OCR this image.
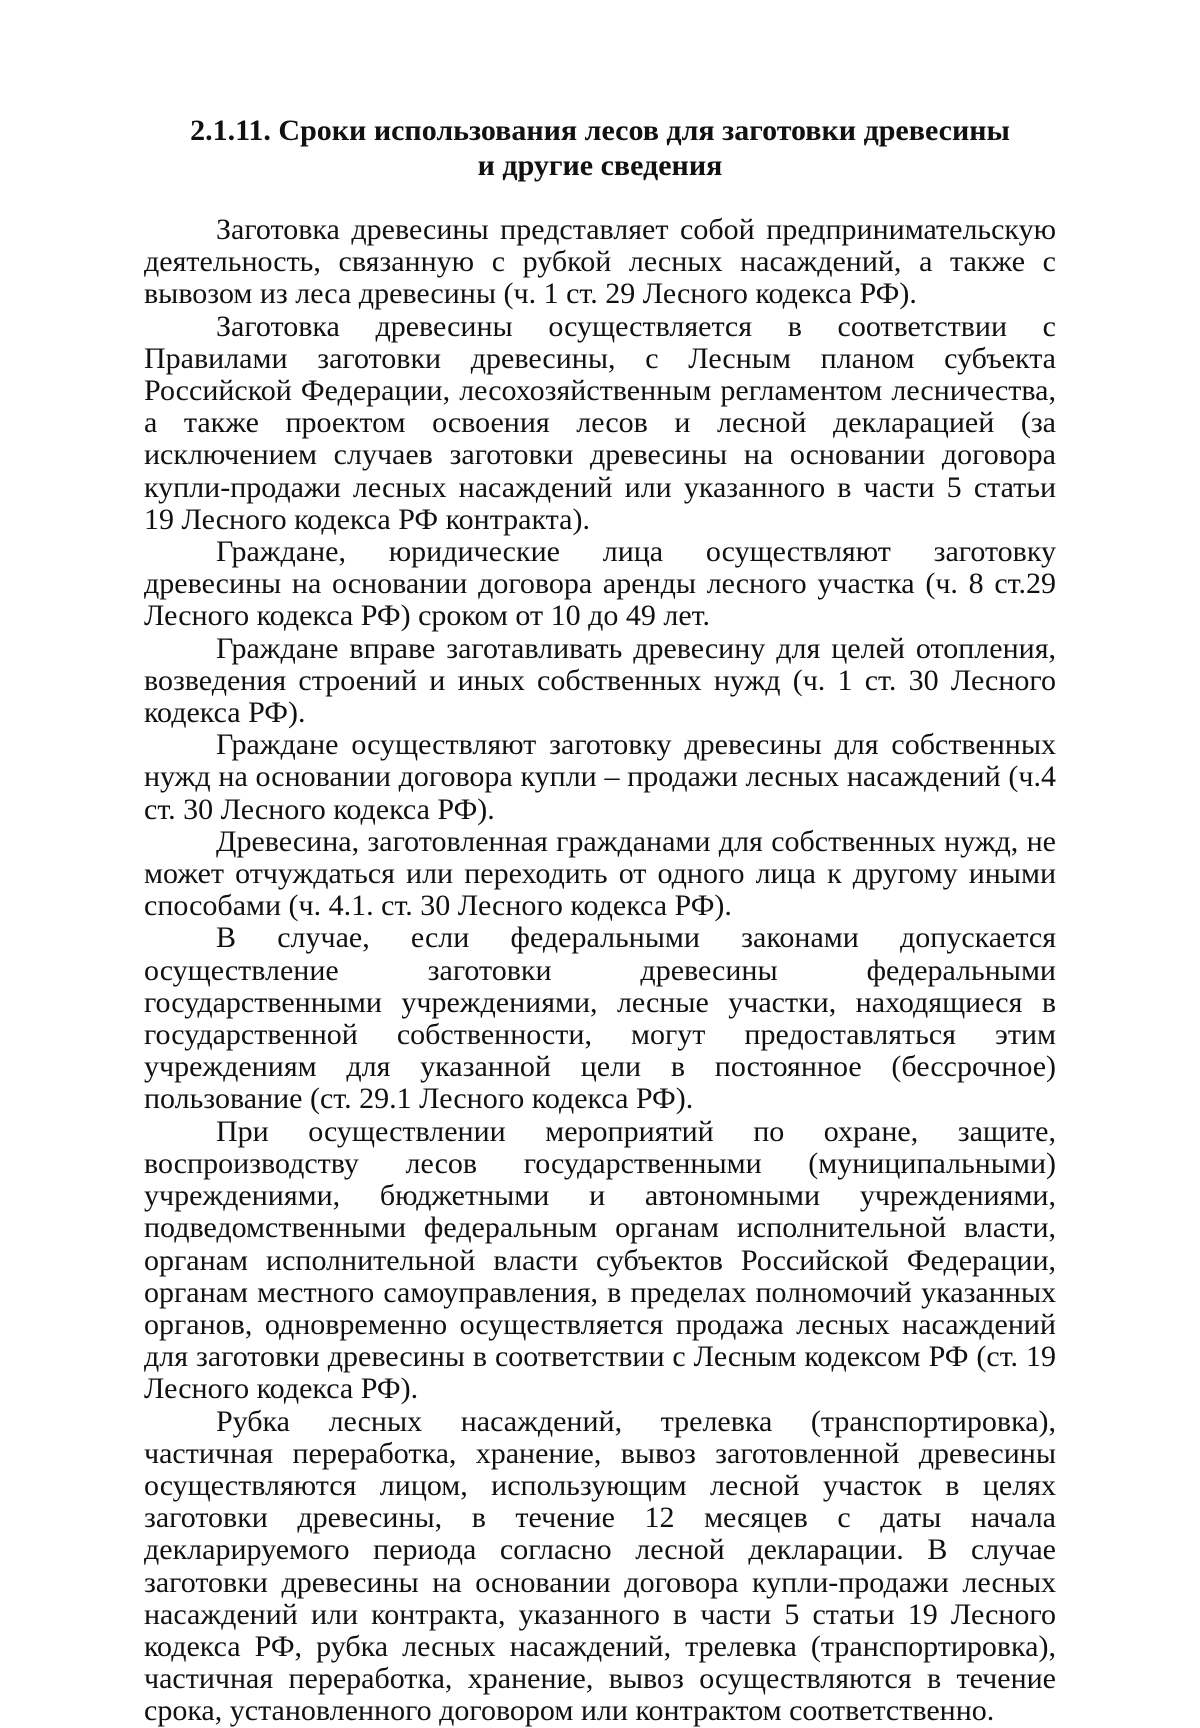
2.1.11. Сроки использования лесов для заготовки древесины
и другие сведения

Заготовка древесины представляет собой предпринимательскую деятельность, связанную с рубкой лесных насаждений, а также с вывозом из леса древесины (ч. 1 ст. 29 Лесного кодекса РФ).

Заготовка древесины осуществляется в соответствии с Правилами заготовки древесины, с Лесным планом субъекта Российской Федерации, лесохозяйственным регламентом лесничества, а также проектом освоения лесов и лесной декларацией (за исключением случаев заготовки древесины на основании договора купли-продажи лесных насаждений или указанного в части 5 статьи 19 Лесного кодекса РФ контракта).

Граждане, юридические лица осуществляют заготовку древесины на основании договора аренды лесного участка (ч. 8 ст.29 Лесного кодекса РФ) сроком от 10 до 49 лет.

Граждане вправе заготавливать древесину для целей отопления, возведения строений и иных собственных нужд (ч. 1 ст. 30 Лесного кодекса РФ).

Граждане осуществляют заготовку древесины для собственных нужд на основании договора купли – продажи лесных насаждений (ч.4 ст. 30 Лесного кодекса РФ).

Древесина, заготовленная гражданами для собственных нужд, не может отчуждаться или переходить от одного лица к другому иными способами (ч. 4.1. ст. 30 Лесного кодекса РФ).

В случае, если федеральными законами допускается осуществление заготовки древесины федеральными государственными учреждениями, лесные участки, находящиеся в государственной собственности, могут предоставляться этим учреждениям для указанной цели в постоянное (бессрочное) пользование (ст. 29.1 Лесного кодекса РФ).

При осуществлении мероприятий по охране, защите, воспроизводству лесов государственными (муниципальными) учреждениями, бюджетными и автономными учреждениями, подведомственными федеральным органам исполнительной власти, органам исполнительной власти субъектов Российской Федерации, органам местного самоуправления, в пределах полномочий указанных органов, одновременно осуществляется продажа лесных насаждений для заготовки древесины в соответствии с Лесным кодексом РФ (ст. 19 Лесного кодекса РФ).

Рубка лесных насаждений, трелевка (транспортировка), частичная переработка, хранение, вывоз заготовленной древесины осуществляются лицом, использующим лесной участок в целях заготовки древесины, в течение 12 месяцев с даты начала декларируемого периода согласно лесной декларации. В случае заготовки древесины на основании договора купли-продажи лесных насаждений или контракта, указанного в части 5 статьи 19 Лесного кодекса РФ, рубка лесных насаждений, трелевка (транспортировка), частичная переработка, хранение, вывоз осуществляются в течение срока, установленного договором или контрактом соответственно.
